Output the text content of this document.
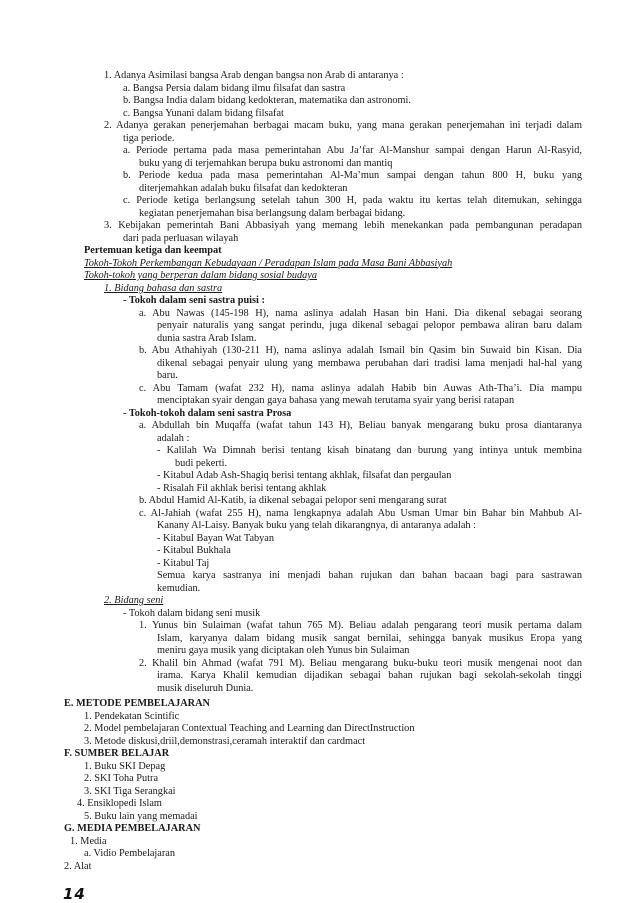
1. Adanya Asimilasi bangsa Arab dengan bangsa non Arab di antaranya :
a. Bangsa Persia dalam bidang ilmu filsafat dan sastra
b. Bangsa India dalam bidang kedokteran, matematika dan astronomi.
c. Bangsa Yunani dalam bidang filsafat
2. Adanya gerakan penerjemahan berbagai macam buku, yang mana gerakan penerjemahan ini terjadi dalam
tiga periode.
a. Periode pertama pada masa pemerintahan Abu Ja’far Al-Manshur sampai dengan Harun Al-Rasyid,
buku yang di terjemahkan berupa buku astronomi dan mantiq
b. Periode kedua pada masa pemerintahan Al-Ma’mun sampai dengan tahun 800 H, buku yang
diterjemahkan adalah buku filsafat dan kedokteran
c. Periode ketiga berlangsung setelah tahun 300 H, pada waktu itu kertas telah ditemukan, sehingga
kegiatan penerjemahan bisa berlangsung dalam berbagai bidang.
3. Kebijakan pemerintah Bani Abbasiyah yang memang lebih menekankan pada pembangunan peradapan
dari pada perluasan wilayah
Pertemuan ketiga dan keempat
Tokoh-Tokoh Perkembangan Kebudayaan / Peradapan Islam pada Masa Bani Abbasiyah
Tokoh-tokoh yang berperan dalam bidang sosial budaya
1. Bidang bahasa dan sastra
- Tokoh dalam seni sastra puisi :
a. Abu Nawas (145-198 H), nama aslinya adalah Hasan bin Hani. Dia dikenal sebagai seorang
penyair naturalis yang sangat perindu, juga dikenal sebagai pelopor pembawa aliran baru dalam
dunia sastra Arab Islam.
b. Abu Athahiyah (130-211 H), nama aslinya adalah Ismail bin Qasim bin Suwaid bin Kisan. Dia
dikenal sebagai penyair ulung yang membawa perubahan dari tradisi lama menjadi hal-hal yang
baru.
c. Abu Tamam (wafat 232 H), nama aslinya adalah Habib bin Auwas Ath-Tha’i. Dia mampu
menciptakan syair dengan gaya bahasa yang mewah terutama syair yang berisi ratapan
- Tokoh-tokoh dalam seni sastra Prosa
a. Abdullah bin Muqaffa (wafat tahun 143 H), Beliau banyak mengarang buku prosa diantaranya
adalah :
- Kalilah Wa Dimnah berisi tentang kisah binatang dan burung yang intinya untuk membina
budi pekerti.
- Kitabul Adab Ash-Shagiq berisi tentang akhlak, filsafat dan pergaulan
- Risalah Fil akhlak berisi tentang akhlak
b. Abdul Hamid Al-Katib, ia dikenal sebagai pelopor seni mengarang surat
c. Al-Jahiah (wafat 255 H), nama lengkapnya adalah Abu Usman Umar bin Bahar bin Mahbub Al-
Kanany Al-Laisy. Banyak buku yang telah dikarangnya, di antaranya adalah :
- Kitabul Bayan Wat Tabyan
- Kitabul Bukhala
- Kitabul Taj
Semua karya sastranya ini menjadi bahan rujukan dan bahan bacaan bagi para sastrawan
kemudian.
2. Bidang seni
- Tokoh dalam bidang seni musik
1. Yunus bin Sulaiman (wafat tahun 765 M). Beliau adalah pengarang teori musik pertama dalam
Islam, karyanya dalam bidang musik sangat bernilai, sehingga banyak musikus Eropa yang
meniru gaya musik yang diciptakan oleh Yunus bin Sulaiman
2. Khalil bin Ahmad (wafat 791 M). Beliau mengarang buku-buku teori musik mengenai noot dan
irama. Karya Khalil kemudian dijadikan sebagai bahan rujukan bagi sekolah-sekolah tinggi
musik diseluruh Dunia.
E. METODE PEMBELAJARAN
1. Pendekatan Scintific
2. Model pembelajaran Contextual Teaching and Learning dan DirectInstruction
3. Metode diskusi,driil,demonstrasi,ceramah interaktif dan cardmact
F. SUMBER BELAJAR
1. Buku SKI Depag
2. SKI Toha Putra
3. SKI Tiga Serangkai
4. Ensiklopedi Islam
5. Buku lain yang memadai
G. MEDIA PEMBELAJARAN
1. Media
a. Vidio Pembelajaran
14
2. Alat
